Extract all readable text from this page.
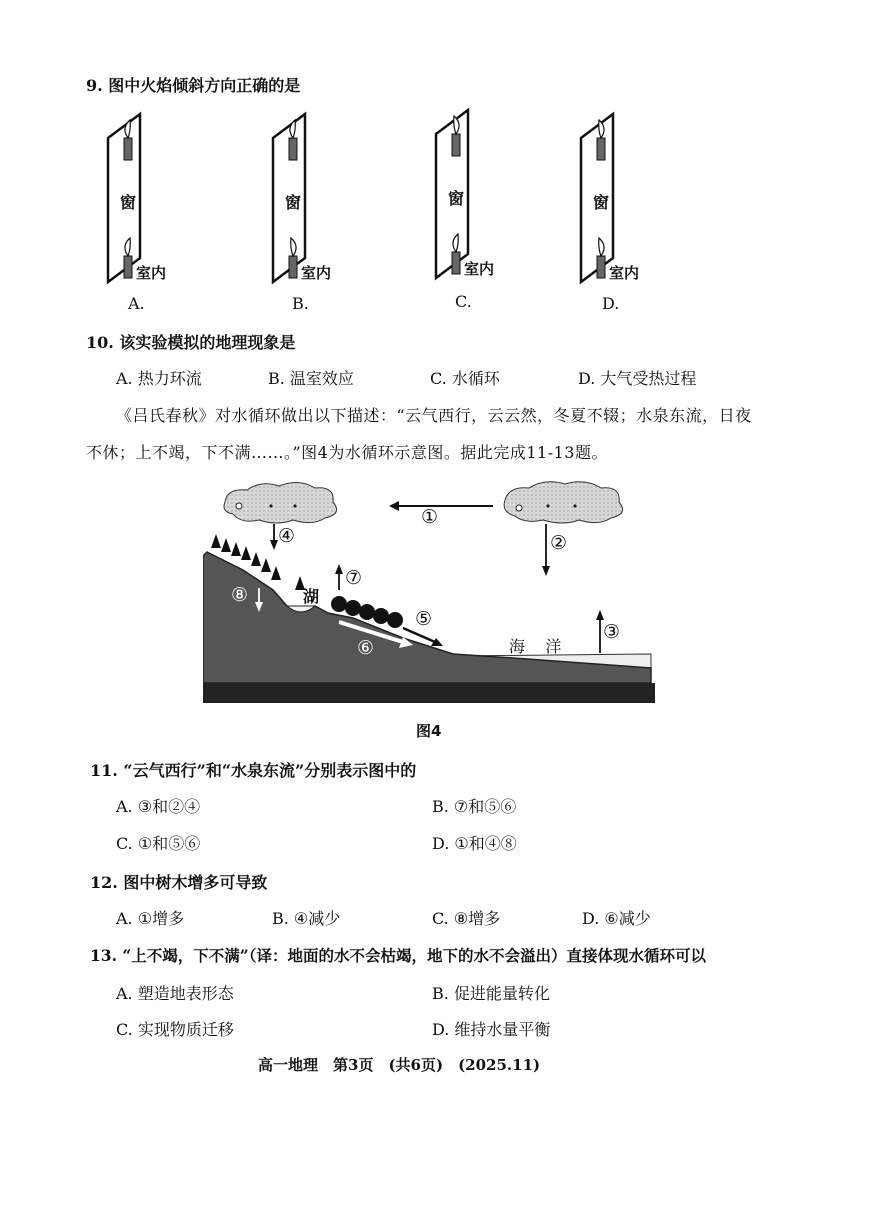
9. 图中火焰倾斜方向正确的是
窗
室内
A.
窗
室内
B.
窗
室内
C.
窗
室内
D.
10. 该实验模拟的地理现象是
A. 热力环流	B. 温室效应	C. 水循环	D. 大气受热过程
《吕氏春秋》对水循环做出以下描述：“云气西行，云云然，冬夏不辍；水泉东流，日夜
不休；上不竭，下不满……。”图4为水循环示意图。据此完成11-13题。
①
②
③
④
⑤
⑥
⑦
⑧	湖
海    洋
图4
11. “云气西行”和“水泉东流”分别表示图中的
A. ③和②④	B. ⑦和⑤⑥
C. ①和⑤⑥	D. ①和④⑧
12. 图中树木增多可导致
A. ①增多	B. ④减少	C. ⑧增多	D. ⑥减少
13. “上不竭，下不满”（译：地面的水不会枯竭，地下的水不会溢出）直接体现水循环可以
A. 塑造地表形态	B. 促进能量转化
C. 实现物质迁移	D. 维持水量平衡
高一地理　第3页　(共6页)　(2025.11)
